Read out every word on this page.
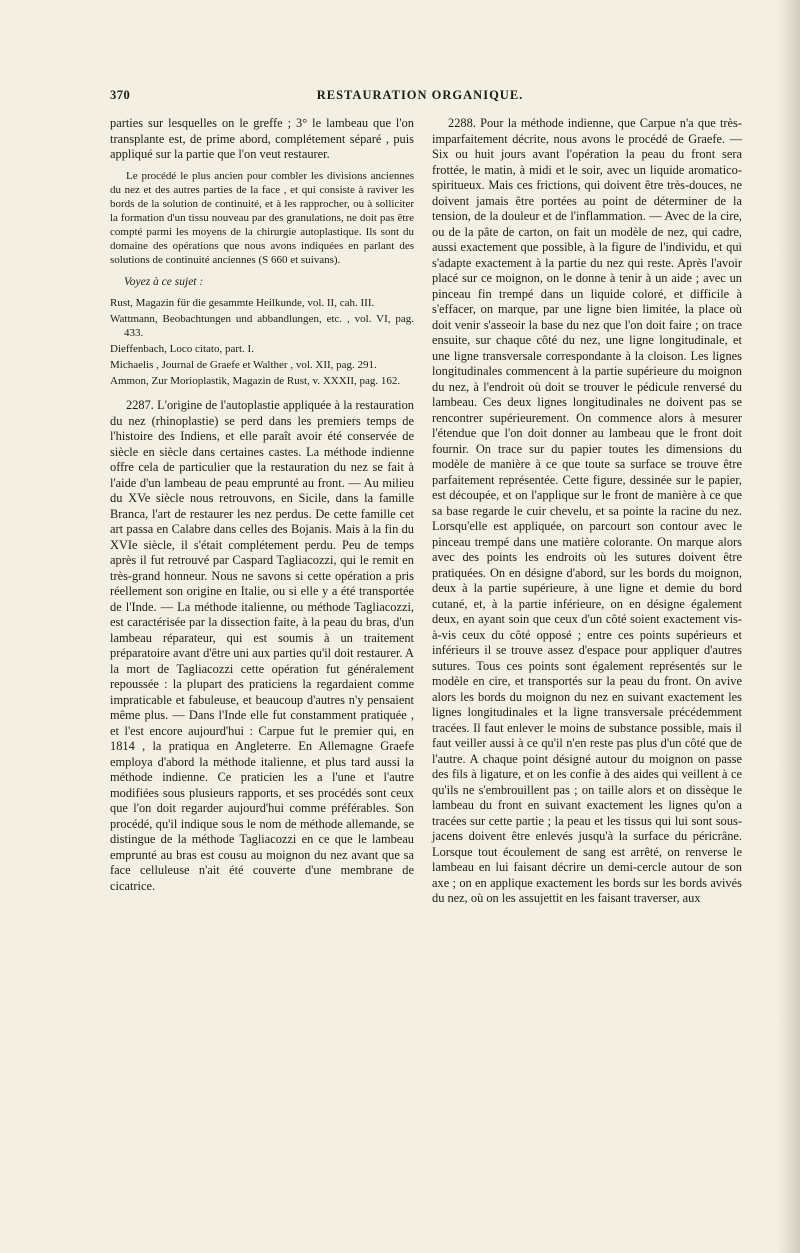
370	RESTAURATION ORGANIQUE.

parties sur lesquelles on le greffe ; 3° le lambeau que l'on transplante est, de prime abord, complétement séparé , puis appliqué sur la partie que l'on veut restaurer.

Le procédé le plus ancien pour combler les divisions anciennes du nez et des autres parties de la face , et qui consiste à raviver les bords de la solution de continuité, et à les rapprocher, ou à solliciter la formation d'un tissu nouveau par des granulations, ne doit pas être compté parmi les moyens de la chirurgie autoplastique. Ils sont du domaine des opérations que nous avons indiquées en parlant des solutions de continuité anciennes (S 660 et suivans).

Voyez à ce sujet :

Rust, Magazin für die gesammte Heilkunde, vol. II, cah. III.

Wattmann, Beobachtungen und abbandlungen, etc. , vol. VI, pag. 433.

Dieffenbach, Loco citato, part. I.

Michaelis , Journal de Graefe et Walther , vol. XII, pag. 291.

Ammon, Zur Morioplastik, Magazin de Rust, v. XXXII, pag. 162.

2287. L'origine de l'autoplastie appliquée à la restauration du nez (rhinoplastie) se perd dans les premiers temps de l'histoire des Indiens, et elle paraît avoir été conservée de siècle en siècle dans certaines castes. La méthode indienne offre cela de particulier que la restauration du nez se fait à l'aide d'un lambeau de peau emprunté au front. — Au milieu du XVe siècle nous retrouvons, en Sicile, dans la famille Branca, l'art de restaurer les nez perdus. De cette famille cet art passa en Calabre dans celles des Bojanis. Mais à la fin du XVIe siècle, il s'était complétement perdu. Peu de temps après il fut retrouvé par Caspard Tagliacozzi, qui le remit en très-grand honneur. Nous ne savons si cette opération a pris réellement son origine en Italie, ou si elle y a été transportée de l'Inde. — La méthode italienne, ou méthode Tagliacozzi, est caractérisée par la dissection faite, à la peau du bras, d'un lambeau réparateur, qui est soumis à un traitement préparatoire avant d'être uni aux parties qu'il doit restaurer. A la mort de Tagliacozzi cette opération fut généralement repoussée : la plupart des praticiens la regardaient comme impraticable et fabuleuse, et beaucoup d'autres n'y pensaient même plus. — Dans l'Inde elle fut constamment pratiquée , et l'est encore aujourd'hui : Carpue fut le premier qui, en 1814 , la pratiqua en Angleterre. En Allemagne Graefe employa d'abord la méthode italienne, et plus tard aussi la méthode indienne. Ce praticien les a l'une et l'autre modifiées sous plusieurs rapports, et ses procédés sont ceux que l'on doit regarder aujourd'hui comme préférables. Son procédé, qu'il indique sous le nom de méthode allemande, se distingue de la méthode Tagliacozzi en ce que le lambeau emprunté au bras est cousu au moignon du nez avant que sa face celluleuse n'ait été couverte d'une membrane de cicatrice.

2288. Pour la méthode indienne, que Carpue n'a que très-imparfaitement décrite, nous avons le procédé de Graefe. — Six ou huit jours avant l'opération la peau du front sera frottée, le matin, à midi et le soir, avec un liquide aromatico-spiritueux. Mais ces frictions, qui doivent être très-douces, ne doivent jamais être portées au point de déterminer de la tension, de la douleur et de l'inflammation. — Avec de la cire, ou de la pâte de carton, on fait un modèle de nez, qui cadre, aussi exactement que possible, à la figure de l'individu, et qui s'adapte exactement à la partie du nez qui reste. Après l'avoir placé sur ce moignon, on le donne à tenir à un aide ; avec un pinceau fin trempé dans un liquide coloré, et difficile à s'effacer, on marque, par une ligne bien limitée, la place où doit venir s'asseoir la base du nez que l'on doit faire ; on trace ensuite, sur chaque côté du nez, une ligne longitudinale, et une ligne transversale correspondante à la cloison. Les lignes longitudinales commencent à la partie supérieure du moignon du nez, à l'endroit où doit se trouver le pédicule renversé du lambeau. Ces deux lignes longitudinales ne doivent pas se rencontrer supérieurement. On commence alors à mesurer l'étendue que l'on doit donner au lambeau que le front doit fournir. On trace sur du papier toutes les dimensions du modèle de manière à ce que toute sa surface se trouve être parfaitement représentée. Cette figure, dessinée sur le papier, est découpée, et on l'applique sur le front de manière à ce que sa base regarde le cuir chevelu, et sa pointe la racine du nez. Lorsqu'elle est appliquée, on parcourt son contour avec le pinceau trempé dans une matière colorante. On marque alors avec des points les endroits où les sutures doivent être pratiquées. On en désigne d'abord, sur les bords du moignon, deux à la partie supérieure, à une ligne et demie du bord cutané, et, à la partie inférieure, on en désigne également deux, en ayant soin que ceux d'un côté soient exactement vis-à-vis ceux du côté opposé ; entre ces points supérieurs et inférieurs il se trouve assez d'espace pour appliquer d'autres sutures. Tous ces points sont également représentés sur le modèle en cire, et transportés sur la peau du front. On avive alors les bords du moignon du nez en suivant exactement les lignes longitudinales et la ligne transversale précédemment tracées. Il faut enlever le moins de substance possible, mais il faut veiller aussi à ce qu'il n'en reste pas plus d'un côté que de l'autre. A chaque point désigné autour du moignon on passe des fils à ligature, et on les confie à des aides qui veillent à ce qu'ils ne s'embrouillent pas ; on taille alors et on dissèque le lambeau du front en suivant exactement les lignes qu'on a tracées sur cette partie ; la peau et les tissus qui lui sont sous-jacens doivent être enlevés jusqu'à la surface du péricrâne. Lorsque tout écoulement de sang est arrêté, on renverse le lambeau en lui faisant décrire un demi-cercle autour de son axe ; on en applique exactement les bords sur les bords avivés du nez, où on les assujettit en les faisant traverser, aux
